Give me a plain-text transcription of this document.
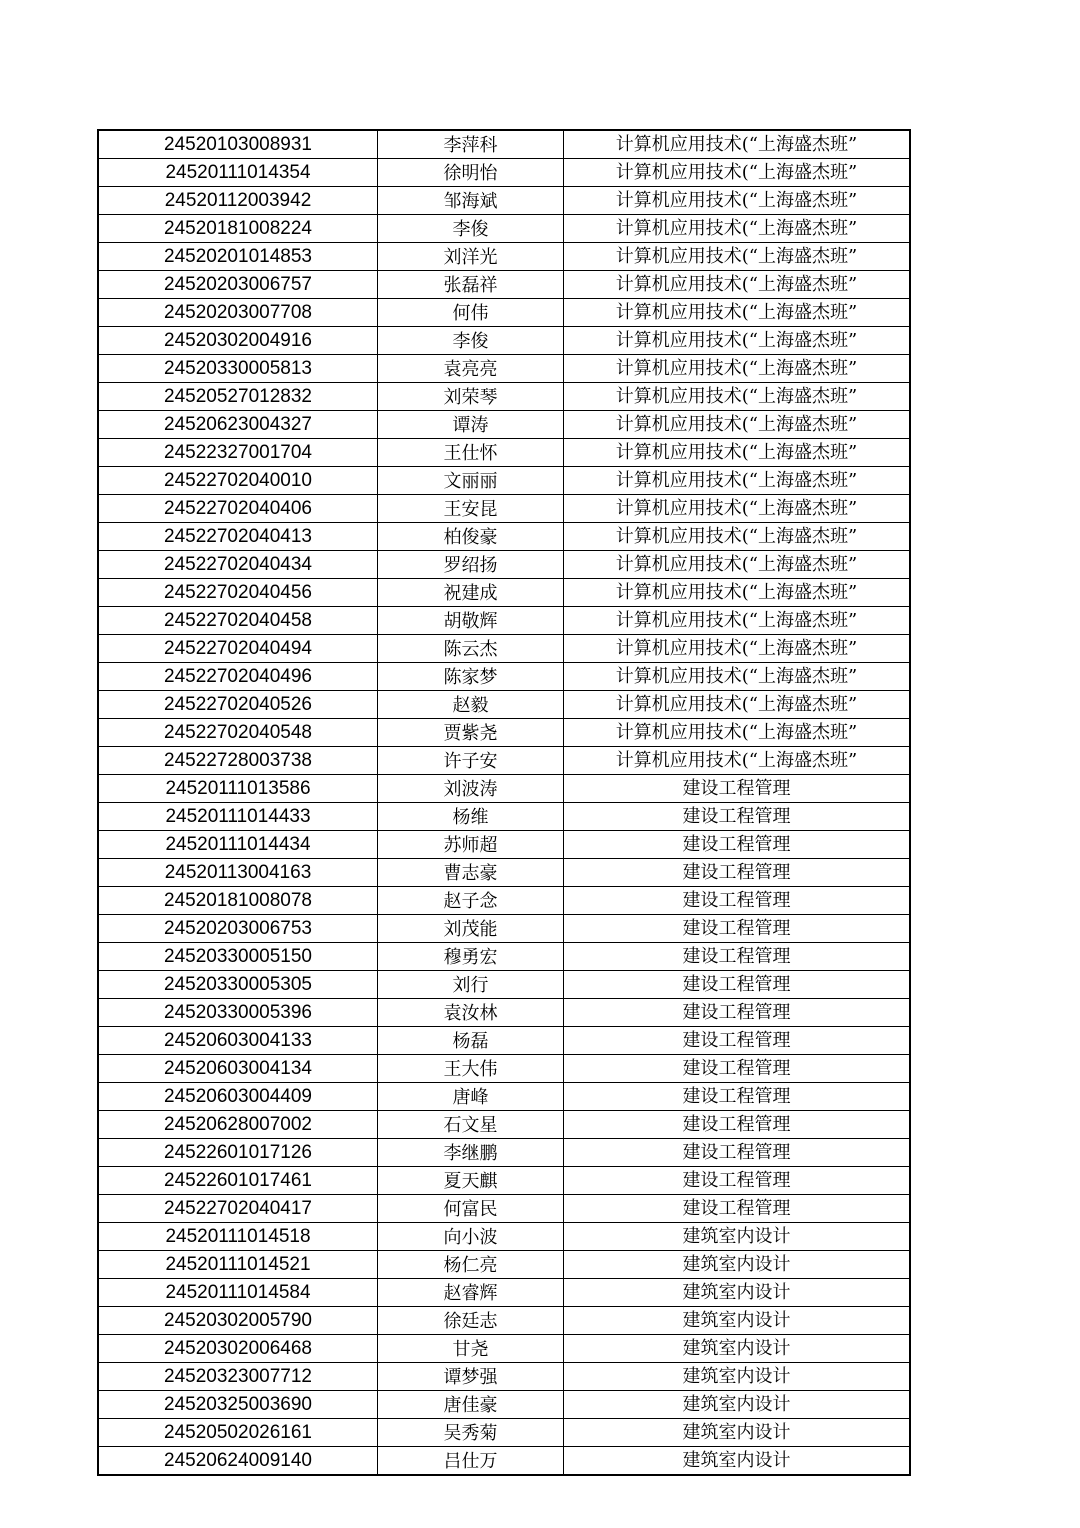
24520103008931	李萍科	计算机应用技术(“上海盛杰班”
24520111014354	徐明怡	计算机应用技术(“上海盛杰班”
24520112003942	邹海斌	计算机应用技术(“上海盛杰班”
24520181008224	李俊	计算机应用技术(“上海盛杰班”
24520201014853	刘洋光	计算机应用技术(“上海盛杰班”
24520203006757	张磊祥	计算机应用技术(“上海盛杰班”
24520203007708	何伟	计算机应用技术(“上海盛杰班”
24520302004916	李俊	计算机应用技术(“上海盛杰班”
24520330005813	袁亮亮	计算机应用技术(“上海盛杰班”
24520527012832	刘荣琴	计算机应用技术(“上海盛杰班”
24520623004327	谭涛	计算机应用技术(“上海盛杰班”
24522327001704	王仕怀	计算机应用技术(“上海盛杰班”
24522702040010	文丽丽	计算机应用技术(“上海盛杰班”
24522702040406	王安昆	计算机应用技术(“上海盛杰班”
24522702040413	柏俊豪	计算机应用技术(“上海盛杰班”
24522702040434	罗绍扬	计算机应用技术(“上海盛杰班”
24522702040456	祝建成	计算机应用技术(“上海盛杰班”
24522702040458	胡敬辉	计算机应用技术(“上海盛杰班”
24522702040494	陈云杰	计算机应用技术(“上海盛杰班”
24522702040496	陈家梦	计算机应用技术(“上海盛杰班”
24522702040526	赵毅	计算机应用技术(“上海盛杰班”
24522702040548	贾紫尧	计算机应用技术(“上海盛杰班”
24522728003738	许子安	计算机应用技术(“上海盛杰班”
24520111013586	刘波涛	建设工程管理
24520111014433	杨维	建设工程管理
24520111014434	苏师超	建设工程管理
24520113004163	曹志豪	建设工程管理
24520181008078	赵子念	建设工程管理
24520203006753	刘茂能	建设工程管理
24520330005150	穆勇宏	建设工程管理
24520330005305	刘行	建设工程管理
24520330005396	袁汝林	建设工程管理
24520603004133	杨磊	建设工程管理
24520603004134	王大伟	建设工程管理
24520603004409	唐峰	建设工程管理
24520628007002	石文星	建设工程管理
24522601017126	李继鹏	建设工程管理
24522601017461	夏天麒	建设工程管理
24522702040417	何富民	建设工程管理
24520111014518	向小波	建筑室内设计
24520111014521	杨仁亮	建筑室内设计
24520111014584	赵睿辉	建筑室内设计
24520302005790	徐廷志	建筑室内设计
24520302006468	甘尧	建筑室内设计
24520323007712	谭梦强	建筑室内设计
24520325003690	唐佳豪	建筑室内设计
24520502026161	吴秀菊	建筑室内设计
24520624009140	吕仕万	建筑室内设计
